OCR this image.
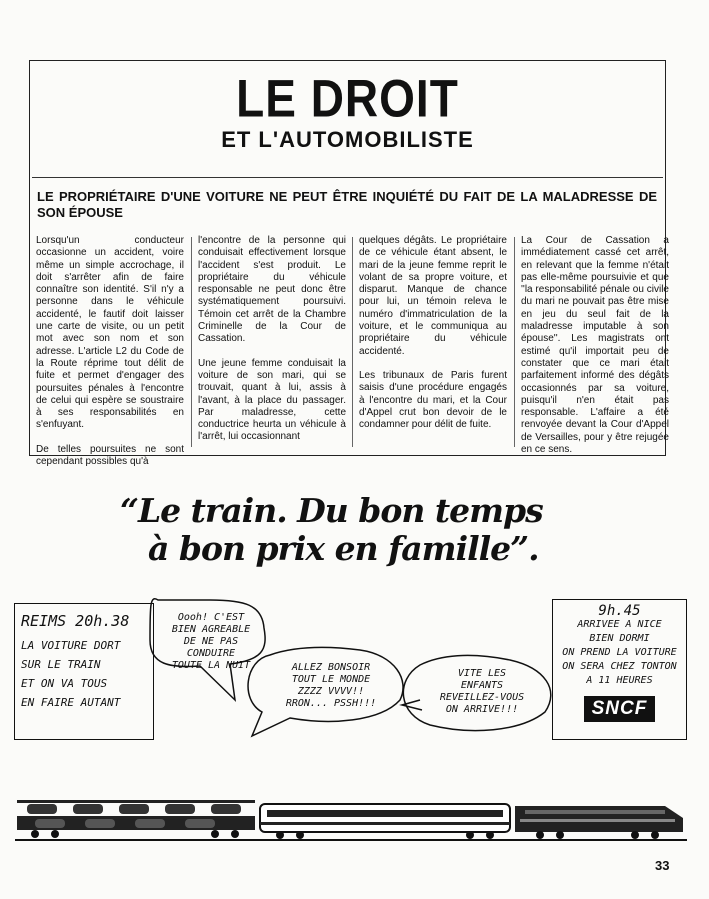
LE DROIT
ET L'AUTOMOBILISTE
LE PROPRIÉTAIRE D'UNE VOITURE NE PEUT ÊTRE INQUIÉTÉ DU FAIT DE LA MALADRESSE DE SON ÉPOUSE

Lorsqu'un conducteur occasionne un accident, voire même un simple accrochage, il doit s'arrêter afin de faire connaître son identité. S'il n'y a personne dans le véhicule accidenté, le fautif doit laisser une carte de visite, ou un petit mot avec son nom et son adresse. L'article L2 du Code de la Route réprime tout délit de fuite et permet d'engager des poursuites pénales à l'encontre de celui qui espère se soustraire à ses responsabilités en s'enfuyant.

De telles poursuites ne sont cependant possibles qu'à

l'encontre de la personne qui conduisait effectivement lorsque l'accident s'est produit. Le propriétaire du véhicule responsable ne peut donc être systématiquement poursuivi. Témoin cet arrêt de la Chambre Criminelle de la Cour de Cassation.

Une jeune femme conduisait la voiture de son mari, qui se trouvait, quant à lui, assis à l'avant, à la place du passager. Par maladresse, cette conductrice heurta un véhicule à l'arrêt, lui occasionnant

quelques dégâts. Le propriétaire de ce véhicule étant absent, le mari de la jeune femme reprit le volant de sa propre voiture, et disparut. Manque de chance pour lui, un témoin releva le numéro d'immatriculation de la voiture, et le communiqua au propriétaire du véhicule accidenté.

Les tribunaux de Paris furent saisis d'une procédure engagés à l'encontre du mari, et la Cour d'Appel crut bon devoir de le condamner pour délit de fuite.

La Cour de Cassation a immédiatement cassé cet arrêt, en relevant que la femme n'était pas elle-même poursuivie et que ''la responsabilité pénale ou civile du mari ne pouvait pas être mise en jeu du seul fait de la maladresse imputable à son épouse''. Les magistrats ont estimé qu'il importait peu de constater que ce mari était parfaitement informé des dégâts occasionnés par sa voiture, puisqu'il n'en était pas responsable. L'affaire a été renvoyée devant la Cour d'Appel de Versailles, pour y être rejugée en ce sens.

“Le train. Du bon temps
à bon prix en famille”.
REIMS 20h.38
LA VOITURE DORT
SUR LE TRAIN
ET ON VA TOUS
EN FAIRE AUTANT
Oooh! C'EST
BIEN AGREABLE
DE NE PAS
CONDUIRE
TOUTE LA NUIT	ALLEZ BONSOIR
TOUT LE MONDE
ZZZZ VVVV!!
RRON... PSSH!!!
VITE LES
ENFANTS
REVEILLEZ-VOUS
ON ARRIVE!!!
9h.45
ARRIVEE A NICE
BIEN DORMI
ON PREND LA VOITURE
ON SERA CHEZ TONTON
A 11 HEURES
SNCF
33
